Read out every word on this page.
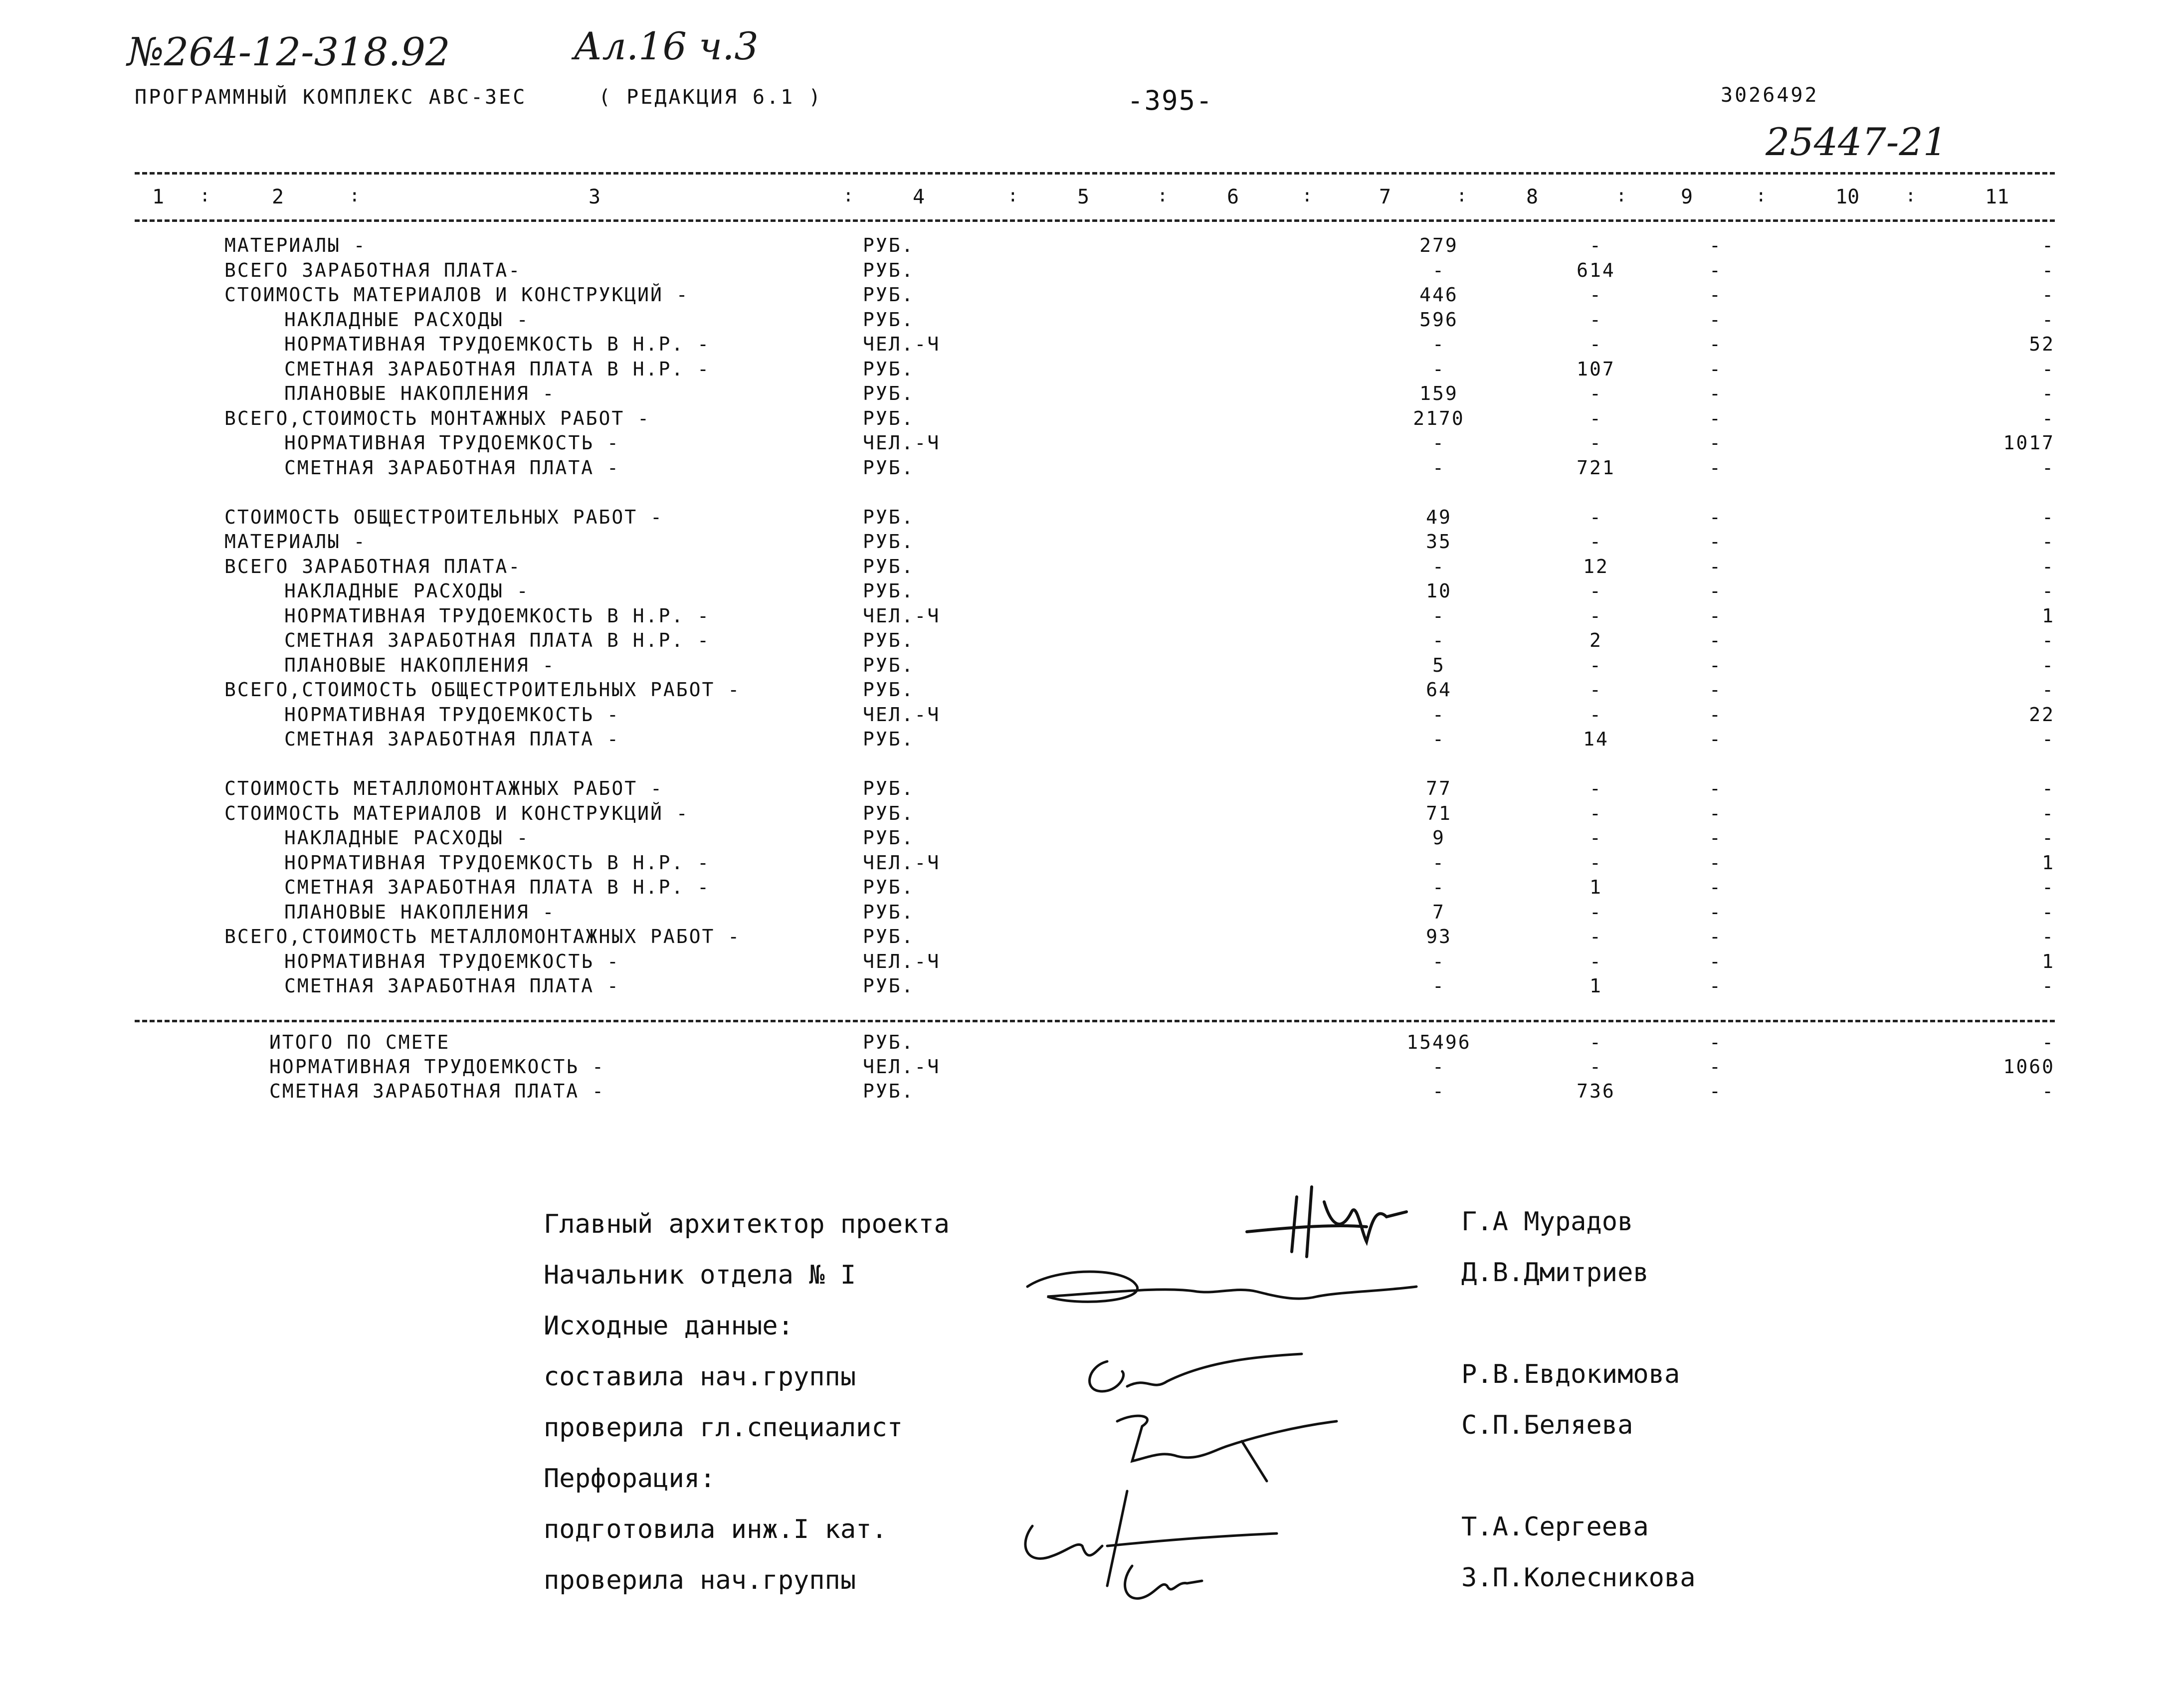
№264-12-318.92	Ал.16 ч.3
ПРОГРАММНЫЙ КОМПЛЕКС АВС-ЗЕС	( РЕДАКЦИЯ 6.1 )	-395-	3026492
25447-21
1	2	3	4	5	6	7	8	9	10	11
:	:	:	:	:	:	:	:	:	:
МАТЕРИАЛЫ -	РУБ.	279	-	-	-
ВСЕГО ЗАРАБОТНАЯ ПЛАТА-	РУБ.	-	614	-	-
СТОИМОСТЬ МАТЕРИАЛОВ И КОНСТРУКЦИЙ -	РУБ.	446	-	-	-
НАКЛАДНЫЕ РАСХОДЫ -	РУБ.	596	-	-	-
НОРМАТИВНАЯ ТРУДОЕМКОСТЬ В Н.Р. -	ЧЕЛ.-Ч	-	-	-	52
СМЕТНАЯ ЗАРАБОТНАЯ ПЛАТА В Н.Р. -	РУБ.	-	107	-	-
ПЛАНОВЫЕ НАКОПЛЕНИЯ -	РУБ.	159	-	-	-
ВСЕГО,СТОИМОСТЬ МОНТАЖНЫХ РАБОТ -	РУБ.	2170	-	-	-
НОРМАТИВНАЯ ТРУДОЕМКОСТЬ -	ЧЕЛ.-Ч	-	-	-	1017
СМЕТНАЯ ЗАРАБОТНАЯ ПЛАТА -	РУБ.	-	721	-	-
СТОИМОСТЬ ОБЩЕСТРОИТЕЛЬНЫХ РАБОТ -	РУБ.	49	-	-	-
МАТЕРИАЛЫ -	РУБ.	35	-	-	-
ВСЕГО ЗАРАБОТНАЯ ПЛАТА-	РУБ.	-	12	-	-
НАКЛАДНЫЕ РАСХОДЫ -	РУБ.	10	-	-	-
НОРМАТИВНАЯ ТРУДОЕМКОСТЬ В Н.Р. -	ЧЕЛ.-Ч	-	-	-	1
СМЕТНАЯ ЗАРАБОТНАЯ ПЛАТА В Н.Р. -	РУБ.	-	2	-	-
ПЛАНОВЫЕ НАКОПЛЕНИЯ -	РУБ.	5	-	-	-
ВСЕГО,СТОИМОСТЬ ОБЩЕСТРОИТЕЛЬНЫХ РАБОТ -	РУБ.	64	-	-	-
НОРМАТИВНАЯ ТРУДОЕМКОСТЬ -	ЧЕЛ.-Ч	-	-	-	22
СМЕТНАЯ ЗАРАБОТНАЯ ПЛАТА -	РУБ.	-	14	-	-
СТОИМОСТЬ МЕТАЛЛОМОНТАЖНЫХ РАБОТ -	РУБ.	77	-	-	-
СТОИМОСТЬ МАТЕРИАЛОВ И КОНСТРУКЦИЙ -	РУБ.	71	-	-	-
НАКЛАДНЫЕ РАСХОДЫ -	РУБ.	9	-	-	-
НОРМАТИВНАЯ ТРУДОЕМКОСТЬ В Н.Р. -	ЧЕЛ.-Ч	-	-	-	1
СМЕТНАЯ ЗАРАБОТНАЯ ПЛАТА В Н.Р. -	РУБ.	-	1	-	-
ПЛАНОВЫЕ НАКОПЛЕНИЯ -	РУБ.	7	-	-	-
ВСЕГО,СТОИМОСТЬ МЕТАЛЛОМОНТАЖНЫХ РАБОТ -	РУБ.	93	-	-	-
НОРМАТИВНАЯ ТРУДОЕМКОСТЬ -	ЧЕЛ.-Ч	-	-	-	1
СМЕТНАЯ ЗАРАБОТНАЯ ПЛАТА -	РУБ.	-	1	-	-
ИТОГО ПО СМЕТЕ	РУБ.	15496	-	-	-
НОРМАТИВНАЯ ТРУДОЕМКОСТЬ -	ЧЕЛ.-Ч	-	-	-	1060
СМЕТНАЯ ЗАРАБОТНАЯ ПЛАТА -	РУБ.	-	736	-	-
Главный архитектор проекта	Г.А Мурадов
Начальник отдела № I	Д.В.Дмитриев
Исходные данные:
составила нач.группы	Р.В.Евдокимова
проверила гл.специалист	С.П.Беляева
Перфорация:
подготовила инж.I кат.	Т.А.Сергеева
проверила нач.группы	З.П.Колесникова
